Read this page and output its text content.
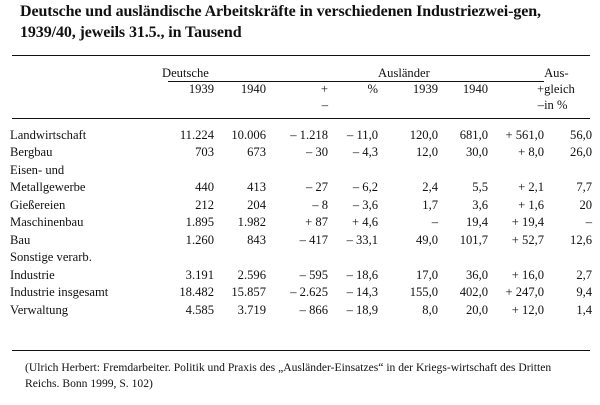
Deutsche und ausländische Arbeitskräfte in verschiedenen Industriezwei-gen, 1939/40, jeweils 31.5., in Tausend
	Deutsche				Ausländer			Aus-
	1939	1940	+	%	1939	1940	+	gleich
			–				–	in %

Landwirtschaft	11.224	10.006	– 1.218	– 11,0	120,0	681,0	+ 561,0	56,0
Bergbau	703	673	– 30	– 4,3	12,0	30,0	+ 8,0	26,0
Eisen- und								
Metallgewerbe	440	413	– 27	– 6,2	2,4	5,5	+ 2,1	7,7
Gießereien	212	204	– 8	– 3,6	1,7	3,6	+ 1,6	20
Maschinenbau	1.895	1.982	+ 87	+ 4,6	–	19,4	+ 19,4	–
Bau	1.260	843	– 417	– 33,1	49,0	101,7	+ 52,7	12,6
Sonstige verarb.								
Industrie	3.191	2.596	– 595	– 18,6	17,0	36,0	+ 16,0	2,7
Industrie insgesamt	18.482	15.857	– 2.625	– 14,3	155,0	402,0	+ 247,0	9,4
Verwaltung	4.585	3.719	– 866	– 18,9	8,0	20,0	+ 12,0	1,4
(Ulrich Herbert: Fremdarbeiter. Politik und Praxis des „Ausländer-Einsatzes“ in der Kriegs-wirtschaft des Dritten Reichs. Bonn 1999, S. 102)
